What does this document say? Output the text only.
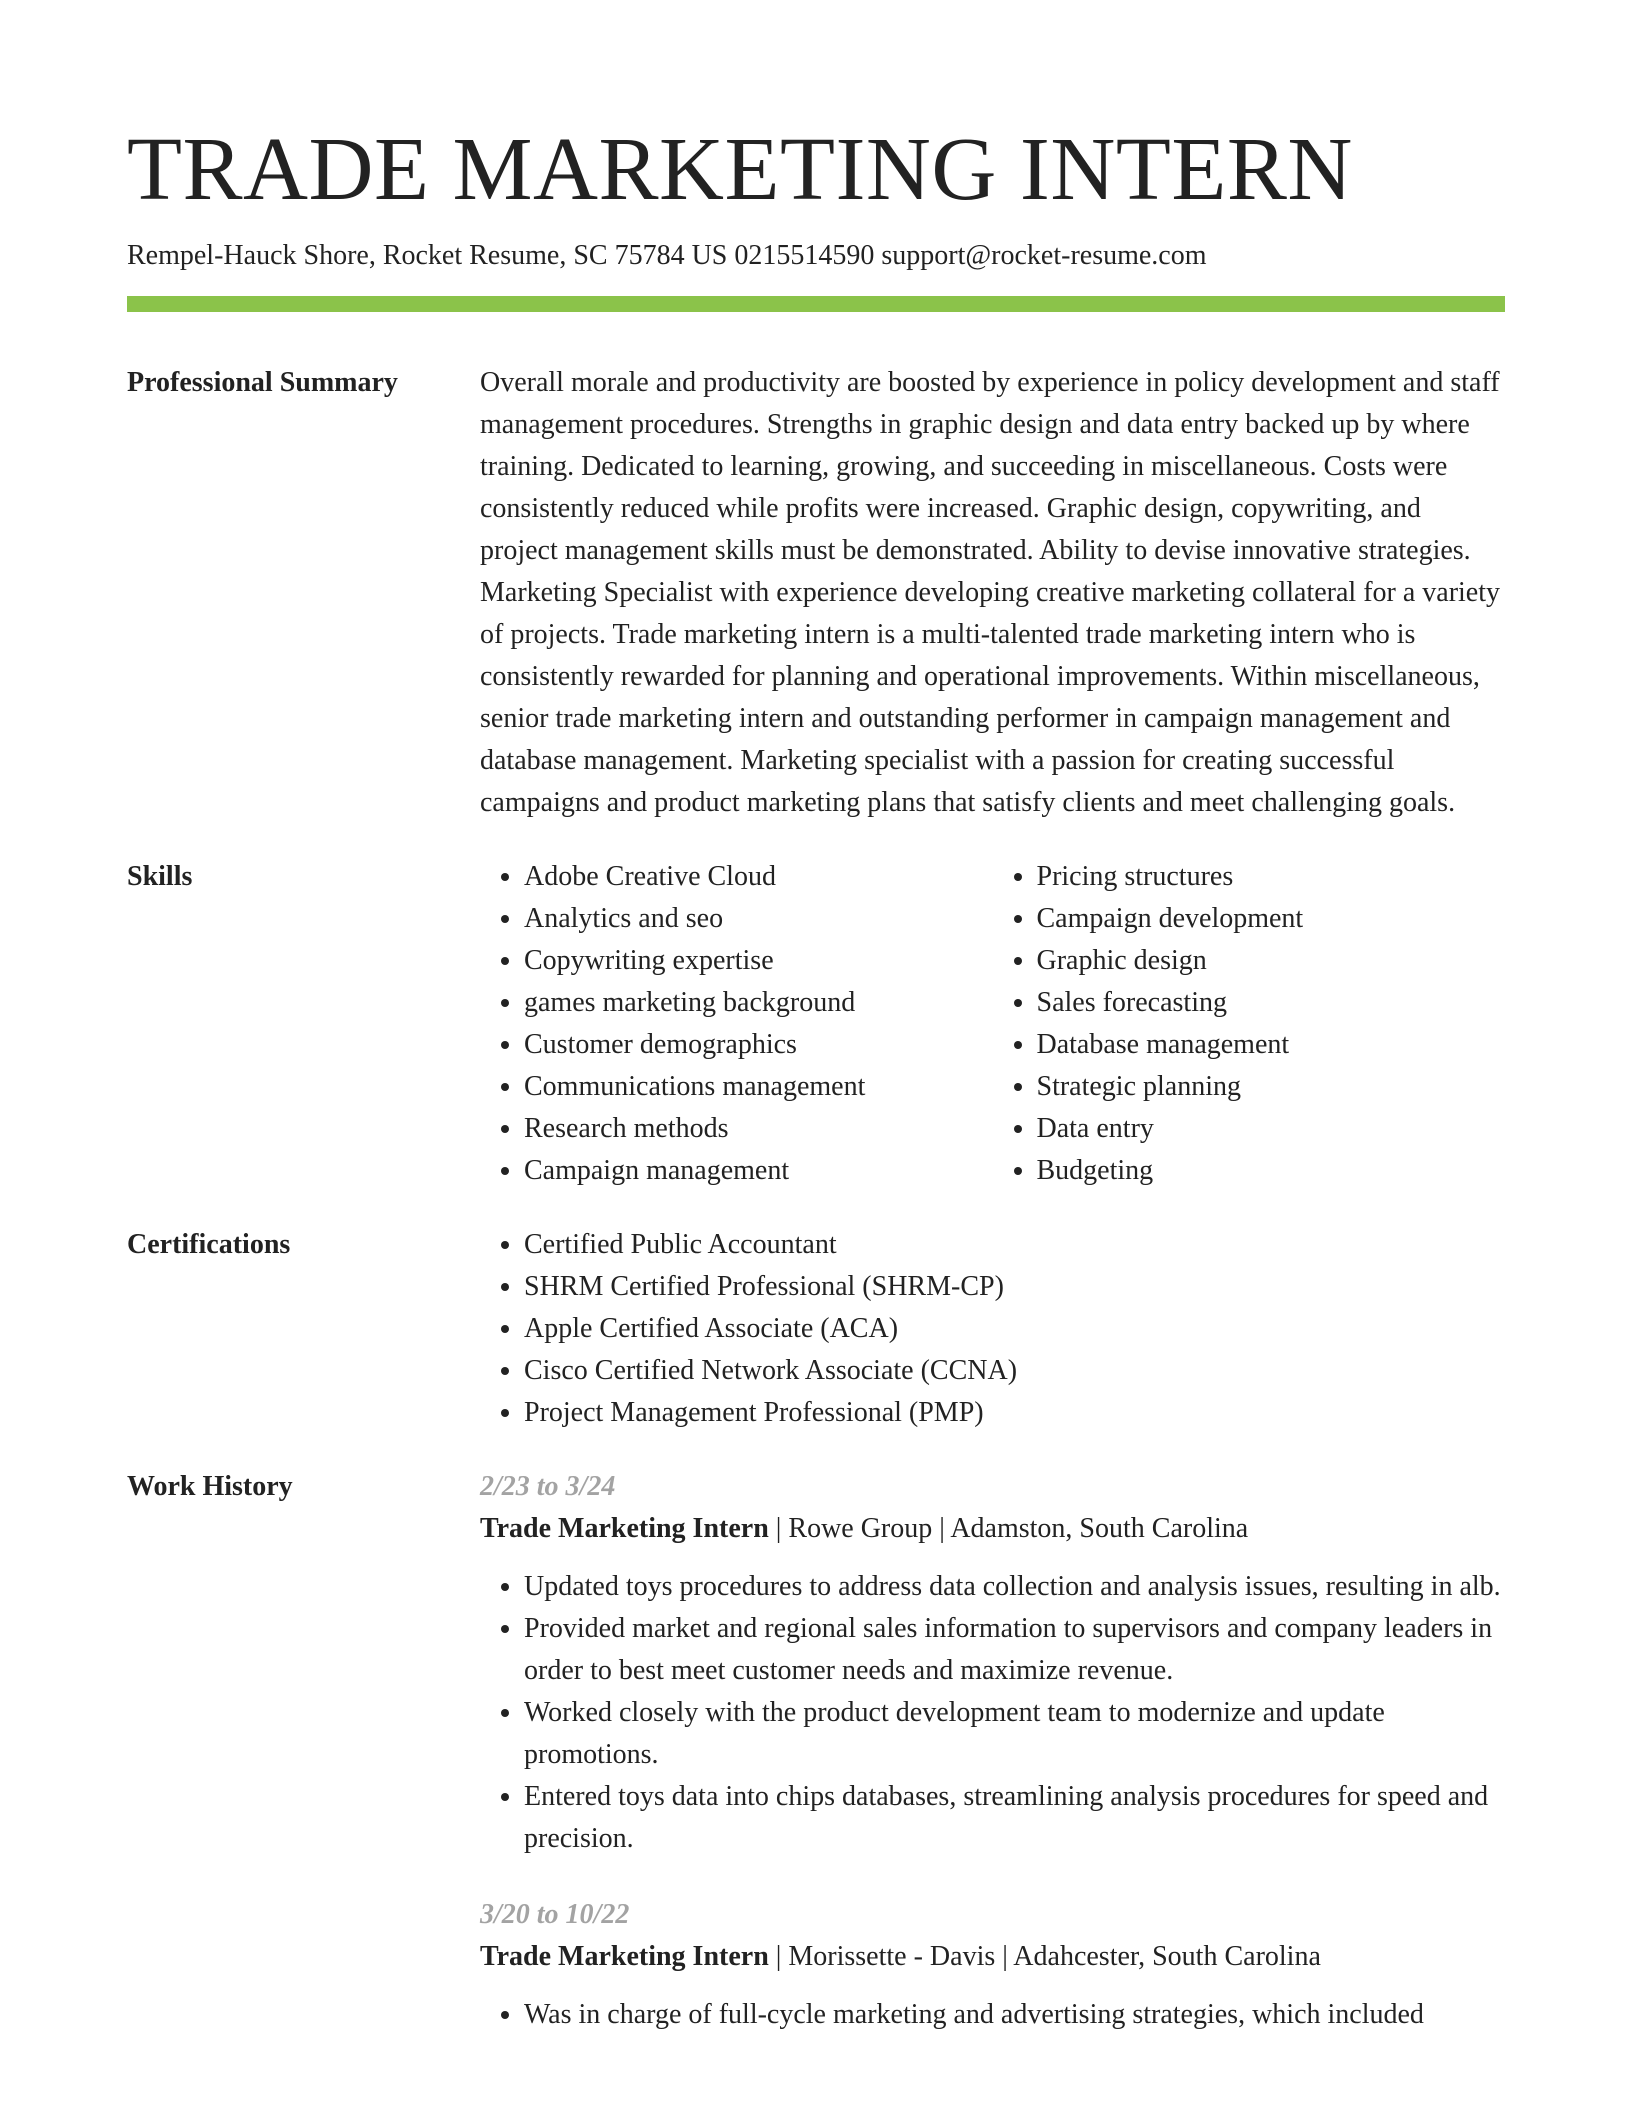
TRADE MARKETING INTERN
Rempel-Hauck Shore, Rocket Resume, SC 75784 US 0215514590 support@rocket-resume.com
Professional Summary	Overall morale and productivity are boosted by experience in policy development and staff management procedures. Strengths in graphic design and data entry backed up by where training. Dedicated to learning, growing, and succeeding in miscellaneous. Costs were consistently reduced while profits were increased. Graphic design, copywriting, and project management skills must be demonstrated. Ability to devise innovative strategies. Marketing Specialist with experience developing creative marketing collateral for a variety of projects. Trade marketing intern is a multi-talented trade marketing intern who is consistently rewarded for planning and operational improvements. Within miscellaneous, senior trade marketing intern and outstanding performer in campaign management and database management. Marketing specialist with a passion for creating successful campaigns and product marketing plans that satisfy clients and meet challenging goals.

Skills	• Adobe Creative Cloud
• Analytics and seo
• Copywriting expertise
• games marketing background
• Customer demographics
• Communications management
• Research methods
• Campaign management
• Pricing structures
• Campaign development
• Graphic design
• Sales forecasting
• Database management
• Strategic planning
• Data entry
• Budgeting
Certifications	• Certified Public Accountant
• SHRM Certified Professional (SHRM-CP)
• Apple Certified Associate (ACA)
• Cisco Certified Network Associate (CCNA)
• Project Management Professional (PMP)
Work History	2/23 to 3/24
Trade Marketing Intern | Rowe Group | Adamston, South Carolina
• Updated toys procedures to address data collection and analysis issues, resulting in alb.
• Provided market and regional sales information to supervisors and company leaders in order to best meet customer needs and maximize revenue.
• Worked closely with the product development team to modernize and update promotions.
• Entered toys data into chips databases, streamlining analysis procedures for speed and precision.
3/20 to 10/22
Trade Marketing Intern | Morissette - Davis | Adahcester, South Carolina
• Was in charge of full-cycle marketing and advertising strategies, which included
